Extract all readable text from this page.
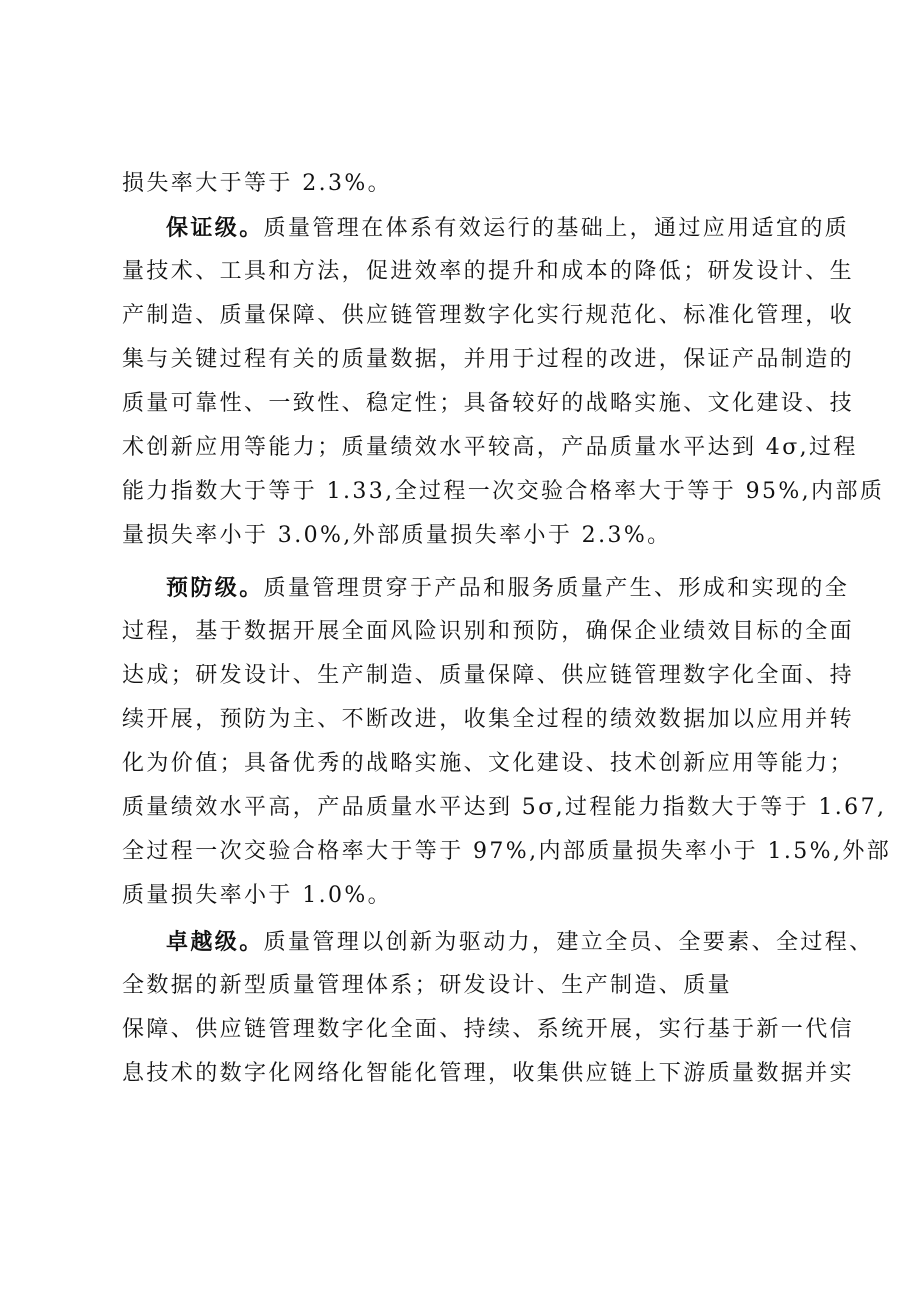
损失率大于等于 2.3%。
保证级。质量管理在体系有效运行的基础上，通过应用适宜的质
量技术、工具和方法，促进效率的提升和成本的降低；研发设计、生
产制造、质量保障、供应链管理数字化实行规范化、标准化管理，收
集与关键过程有关的质量数据，并用于过程的改进，保证产品制造的
质量可靠性、一致性、稳定性；具备较好的战略实施、文化建设、技
术创新应用等能力；质量绩效水平较高，产品质量水平达到 4σ,过程
能力指数大于等于 1.33,全过程一次交验合格率大于等于 95%,内部质
量损失率小于 3.0%,外部质量损失率小于 2.3%。
预防级。质量管理贯穿于产品和服务质量产生、形成和实现的全
过程，基于数据开展全面风险识别和预防，确保企业绩效目标的全面
达成；研发设计、生产制造、质量保障、供应链管理数字化全面、持
续开展，预防为主、不断改进，收集全过程的绩效数据加以应用并转
化为价值；具备优秀的战略实施、文化建设、技术创新应用等能力；
质量绩效水平高，产品质量水平达到 5σ,过程能力指数大于等于 1.67,
全过程一次交验合格率大于等于 97%,内部质量损失率小于 1.5%,外部
质量损失率小于 1.0%。
卓越级。质量管理以创新为驱动力，建立全员、全要素、全过程、
全数据的新型质量管理体系；研发设计、生产制造、质量
保障、供应链管理数字化全面、持续、系统开展，实行基于新一代信
息技术的数字化网络化智能化管理，收集供应链上下游质量数据并实
